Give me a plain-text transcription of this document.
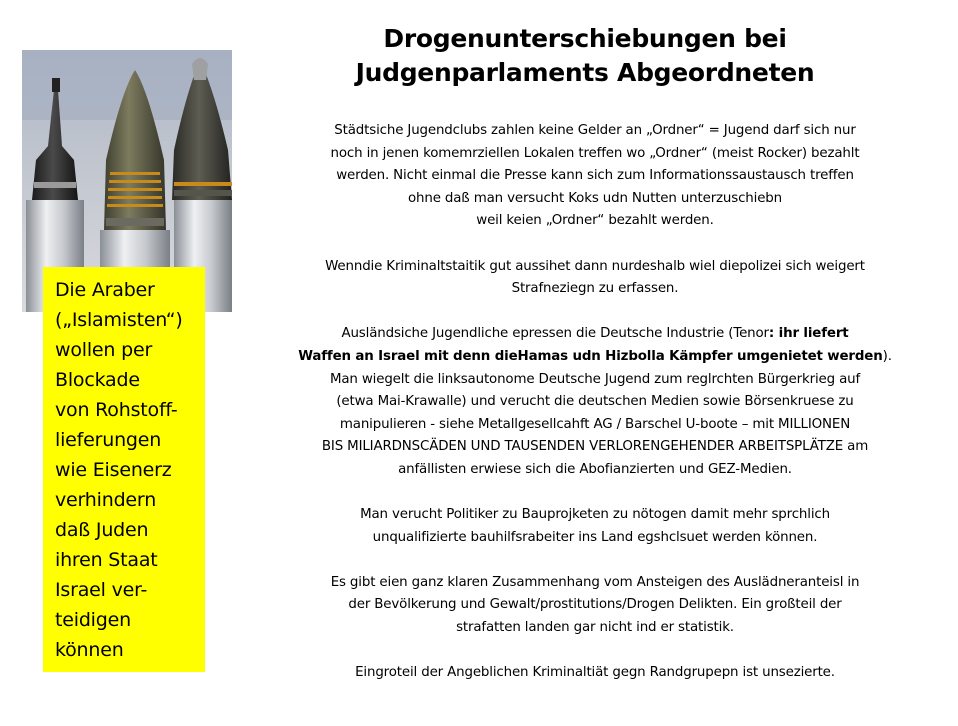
Die Araber
(„Islamisten“)
wollen per
Blockade
von Rohstoff-
lieferungen
wie Eisenerz
verhindern
daß Juden
ihren Staat
Israel ver-
teidigen
können
Drogenunterschiebungen bei
Judgenparlaments Abgeordneten
Städtsiche Jugendclubs zahlen keine Gelder an „Ordner“ = Jugend darf sich nur
noch in jenen komemrziellen Lokalen treffen wo „Ordner“ (meist Rocker) bezahlt
werden. Nicht einmal die Presse kann sich zum Informationssaustausch treffen
ohne daß man versucht Koks udn Nutten unterzuschiebn
weil keien „Ordner“ bezahlt werden.
Wenndie Kriminaltstaitik gut aussihet dann nurdeshalb wiel diepolizei sich weigert
Strafneziegn zu erfassen.
Ausländsiche Jugendliche epressen die Deutsche Industrie (Tenor: ihr liefert
Waffen an Israel mit denn dieHamas udn Hizbolla Kämpfer umgenietet werden).
Man wiegelt die linksautonome Deutsche Jugend zum reglrchten Bürgerkrieg auf
(etwa Mai-Krawalle) und verucht die deutschen Medien sowie Börsenkruese zu
manipulieren - siehe Metallgesellcahft AG / Barschel U-boote – mit MILLIONEN
BIS MILIARDNSCÄDEN UND TAUSENDEN VERLORENGEHENDER ARBEITSPLÄTZE am
anfällisten erwiese sich die Abofianzierten und GEZ-Medien.
Man verucht Politiker zu Bauprojketen zu nötogen damit mehr sprchlich
unqualifizierte bauhilfsrabeiter ins Land egshclsuet werden können.
Es gibt eien ganz klaren Zusammenhang vom Ansteigen des Auslädneranteisl in
der Bevölkerung und Gewalt/prostitutions/Drogen Delikten. Ein großteil der
strafatten landen gar nicht ind er statistik.
Eingroteil der Angeblichen Kriminaltiät gegn Randgrupepn ist unsezierte.
